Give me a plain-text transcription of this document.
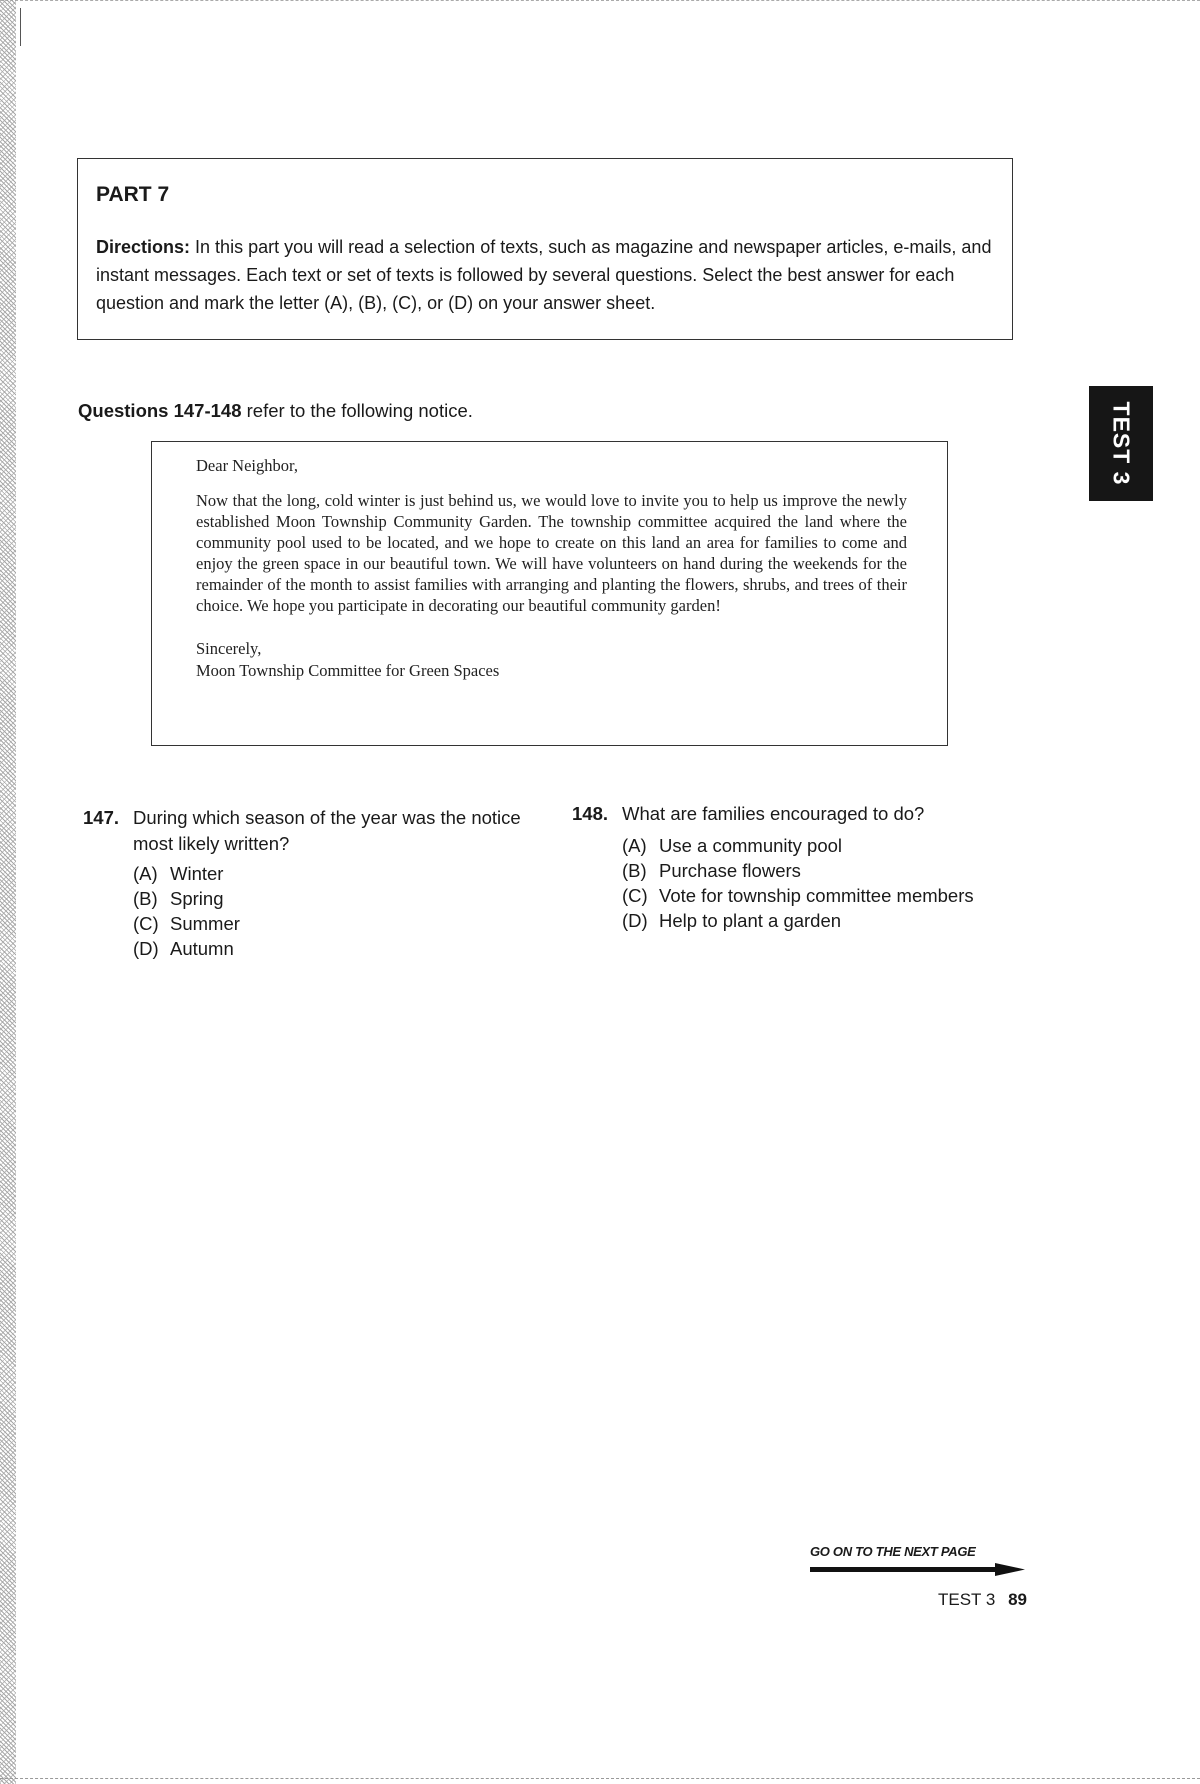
PART 7

Directions: In this part you will read a selection of texts, such as magazine and newspaper articles, e-mails, and instant messages. Each text or set of texts is followed by several questions. Select the best answer for each question and mark the letter (A), (B), (C), or (D) on your answer sheet.

TEST 3

Questions 147-148 refer to the following notice.

Dear Neighbor,

Now that the long, cold winter is just behind us, we would love to invite you to help us improve the newly established Moon Township Community Garden. The township committee acquired the land where the community pool used to be located, and we hope to create on this land an area for families to come and enjoy the green space in our beautiful town. We will have volunteers on hand during the weekends for the remainder of the month to assist families with arranging and planting the flowers, shrubs, and trees of their choice. We hope you participate in decorating our beautiful community garden!

Sincerely,
Moon Township Committee for Green Spaces

147. During which season of the year was the notice most likely written?
(A) Winter
(B) Spring
(C) Summer
(D) Autumn
148. What are families encouraged to do?
(A) Use a community pool
(B) Purchase flowers
(C) Vote for township committee members
(D) Help to plant a garden
GO ON TO THE NEXT PAGE
TEST 3 89
